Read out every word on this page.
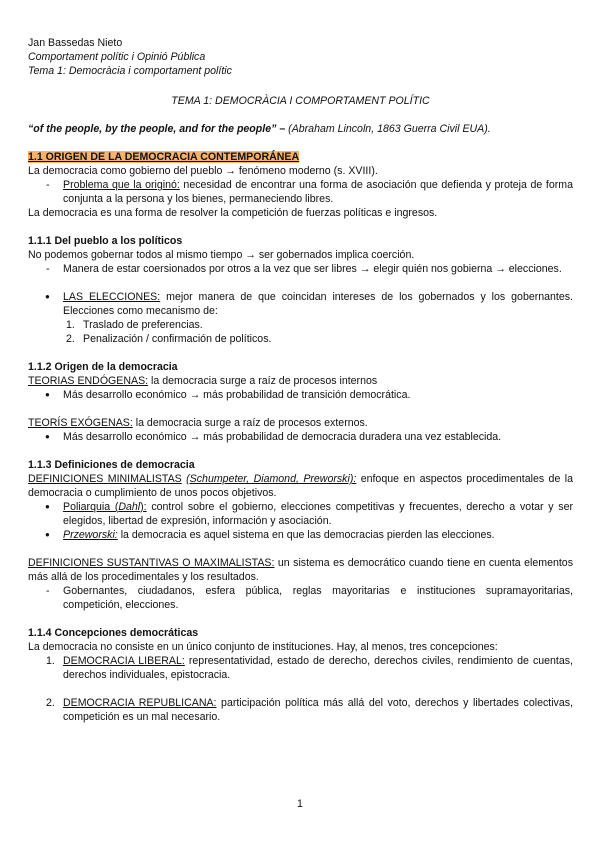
Jan Bassedas Nieto

Comportament polític i Opinió Pública

Tema 1: Democràcia i comportament polític

TEMA 1: DEMOCRÀCIA I COMPORTAMENT POLÍTIC

“of the people, by the people, and for the people” – (Abraham Lincoln, 1863 Guerra Civil EUA).

1.1 ORIGEN DE LA DEMOCRACIA CONTEMPORÁNEA

La democracia como gobierno del pueblo → fenómeno moderno (s. XVIII).

- Problema que la originó: necesidad de encontrar una forma de asociación que defienda y proteja de forma conjunta a la persona y los bienes, permaneciendo libres.

La democracia es una forma de resolver la competición de fuerzas políticas e ingresos.

1.1.1 Del pueblo a los políticos

No podemos gobernar todos al mismo tiempo → ser gobernados implica coerción.

- Manera de estar coersionados por otros a la vez que ser libres → elegir quién nos gobierna → elecciones.

● LAS ELECCIONES: mejor manera de que coincidan intereses de los gobernados y los gobernantes. Elecciones como mecanismo de:

1. Traslado de preferencias.

2. Penalización / confirmación de políticos.

1.1.2 Origen de la democracia

TEORIAS ENDÓGENAS: la democracia surge a raíz de procesos internos

● Más desarrollo económico → más probabilidad de transición democrática.

TEORÍS EXÓGENAS: la democracia surge a raíz de procesos externos.

● Más desarrollo económico → más probabilidad de democracia duradera una vez establecida.

1.1.3 Definiciones de democracia

DEFINICIONES MINIMALISTAS (Schumpeter, Diamond, Preworski): enfoque en aspectos procedimentales de la democracia o cumplimiento de unos pocos objetivos.

● Poliarquia (Dahl): control sobre el gobierno, elecciones competitivas y frecuentes, derecho a votar y ser elegidos, libertad de expresión, información y asociación.

● Przeworski: la democracia es aquel sistema en que las democracias pierden las elecciones.

DEFINICIONES SUSTANTIVAS O MAXIMALISTAS: un sistema es democrático cuando tiene en cuenta elementos más allá de los procedimentales y los resultados.

- Gobernantes, ciudadanos, esfera pública, reglas mayoritarias e instituciones supramayoritarias, competición, elecciones.

1.1.4 Concepciones democráticas

La democracia no consiste en un único conjunto de instituciones. Hay, al menos, tres concepciones:

1. DEMOCRACIA LIBERAL: representatividad, estado de derecho, derechos civiles, rendimiento de cuentas, derechos individuales, epistocracia.

2. DEMOCRACIA REPUBLICANA: participación política más allá del voto, derechos y libertades colectivas, competición es un mal necesario.

1
